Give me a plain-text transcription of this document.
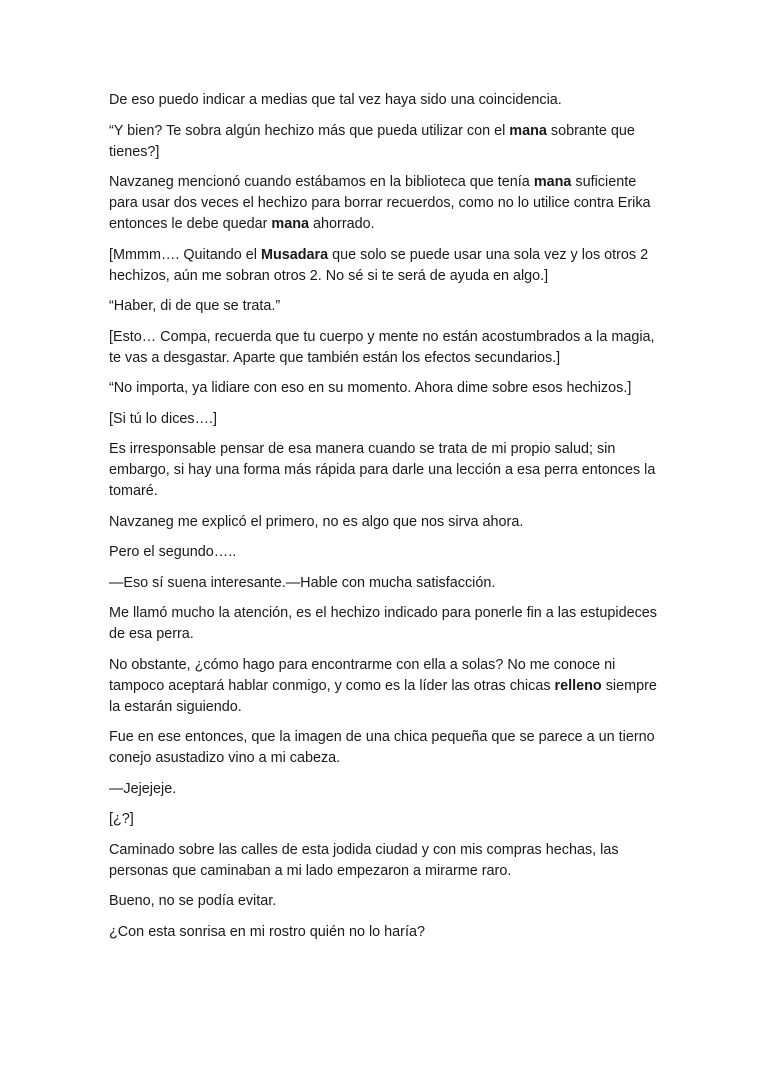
De eso puedo indicar a medias que tal vez haya sido una coincidencia.

“Y bien? Te sobra algún hechizo más que pueda utilizar con el mana sobrante que tienes?]

Navzaneg mencionó cuando estábamos en la biblioteca que tenía mana suficiente para usar dos veces el hechizo para borrar recuerdos, como no lo utilice contra Erika entonces le debe quedar mana ahorrado.

[Mmmm…. Quitando el Musadara que solo se puede usar una sola vez y los otros 2 hechizos, aún me sobran otros 2. No sé si te será de ayuda en algo.]

“Haber, di de que se trata.”

[Esto… Compa, recuerda que tu cuerpo y mente no están acostumbrados a la magia, te vas a desgastar. Aparte que también están los efectos secundarios.]

“No importa, ya lidiare con eso en su momento. Ahora dime sobre esos hechizos.]

[Si tú lo dices….]

Es irresponsable pensar de esa manera cuando se trata de mi propio salud; sin embargo, si hay una forma más rápida para darle una lección a esa perra entonces la tomaré.

Navzaneg me explicó el primero, no es algo que nos sirva ahora.

Pero el segundo…..

—Eso sí suena interesante.—Hable con mucha satisfacción.

Me llamó mucho la atención, es el hechizo indicado para ponerle fin a las estupideces de esa perra.

No obstante, ¿cómo hago para encontrarme con ella a solas? No me conoce ni tampoco aceptará hablar conmigo, y como es la líder las otras chicas relleno siempre la estarán siguiendo.

Fue en ese entonces, que la imagen de una chica pequeña que se parece a un tierno conejo asustadizo vino a mi cabeza.

—Jejejeje.

[¿?]

Caminado sobre las calles de esta jodida ciudad y con mis compras hechas, las personas que caminaban a mi lado empezaron a mirarme raro.

Bueno, no se podía evitar.

¿Con esta sonrisa en mi rostro quién no lo haría?
